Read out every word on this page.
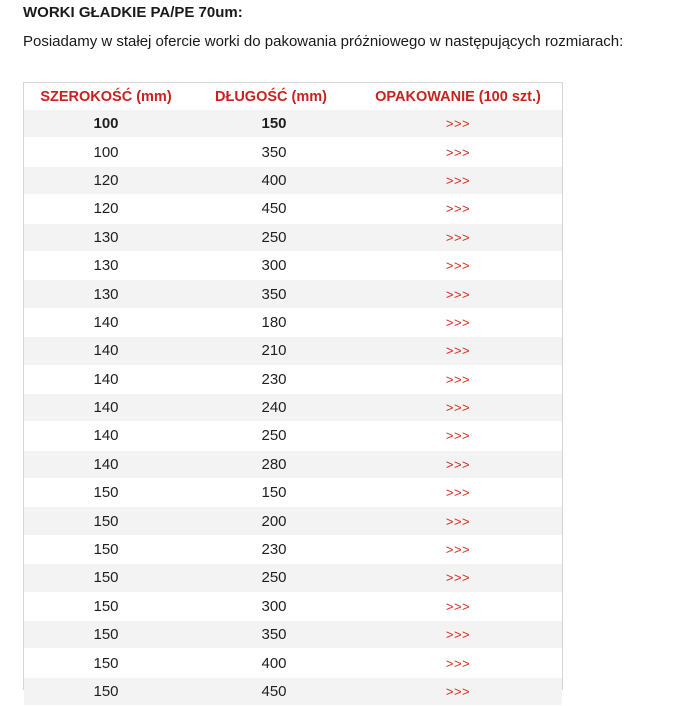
WORKI GŁADKIE PA/PE 70um:
Posiadamy w stałej ofercie worki do pakowania próżniowego w następujących rozmiarach:
SZEROKOŚĆ (mm)	DŁUGOŚĆ (mm)	OPAKOWANIE (100 szt.)
100	150	>>>
100	350	>>>
120	400	>>>
120	450	>>>
130	250	>>>
130	300	>>>
130	350	>>>
140	180	>>>
140	210	>>>
140	230	>>>
140	240	>>>
140	250	>>>
140	280	>>>
150	150	>>>
150	200	>>>
150	230	>>>
150	250	>>>
150	300	>>>
150	350	>>>
150	400	>>>
150	450	>>>
